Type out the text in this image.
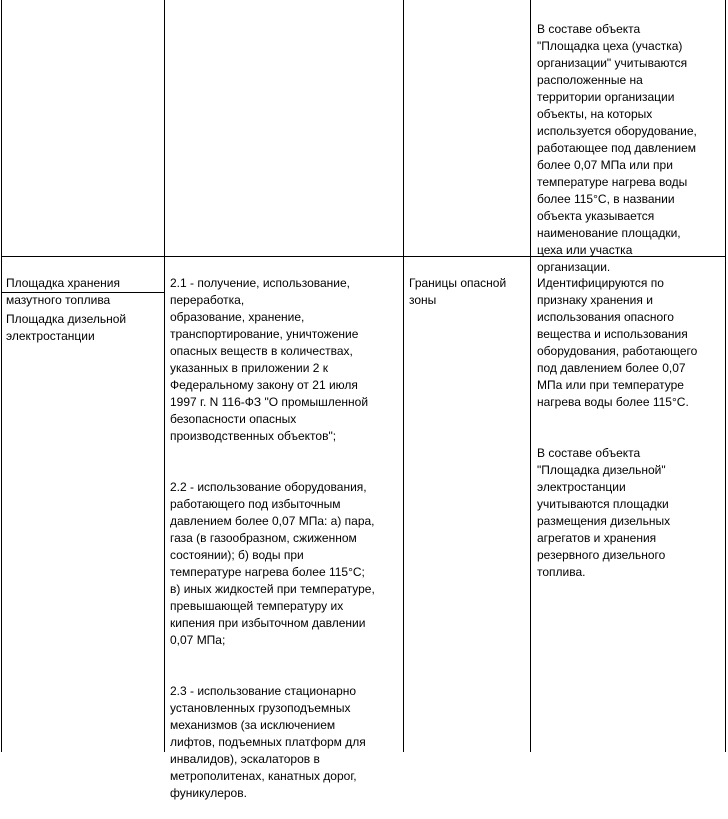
В составе объекта
"Площадка цеха (участка)
организации" учитываются
расположенные на
территории организации
объекты, на которых
используется оборудование,
работающее под давлением
более 0,07 МПа или при
температуре нагрева воды
более 115°С, в названии
объекта указывается
наименование площадки,
цеха или участка
организации.

Площадка хранения
мазутного топлива

Площадка дизельной
электростанции

2.1 - получение, использование,
переработка,
образование, хранение,
транспортирование, уничтожение
опасных веществ в количествах,
указанных в приложении 2 к
Федеральному закону от 21 июля
1997 г. N 116-ФЗ "О промышленной
безопасности опасных
производственных объектов";

2.2 - использование оборудования,
работающего под избыточным
давлением более 0,07 МПа: а) пара,
газа (в газообразном, сжиженном
состоянии); б) воды при
температуре нагрева более 115°С;
в) иных жидкостей при температуре,
превышающей температуру их
кипения при избыточном давлении
0,07 МПа;

2.3 - использование стационарно
установленных грузоподъемных
механизмов (за исключением
лифтов, подъемных платформ для
инвалидов), эскалаторов в
метрополитенах, канатных дорог,
фуникулеров.

Границы опасной
зоны

Идентифицируются по
признаку хранения и
использования опасного
вещества и использования
оборудования, работающего
под давлением более 0,07
МПа или при температуре
нагрева воды более 115°С.

В составе объекта
"Площадка дизельной"
электростанции
учитываются площадки
размещения дизельных
агрегатов и хранения
резервного дизельного
топлива.
